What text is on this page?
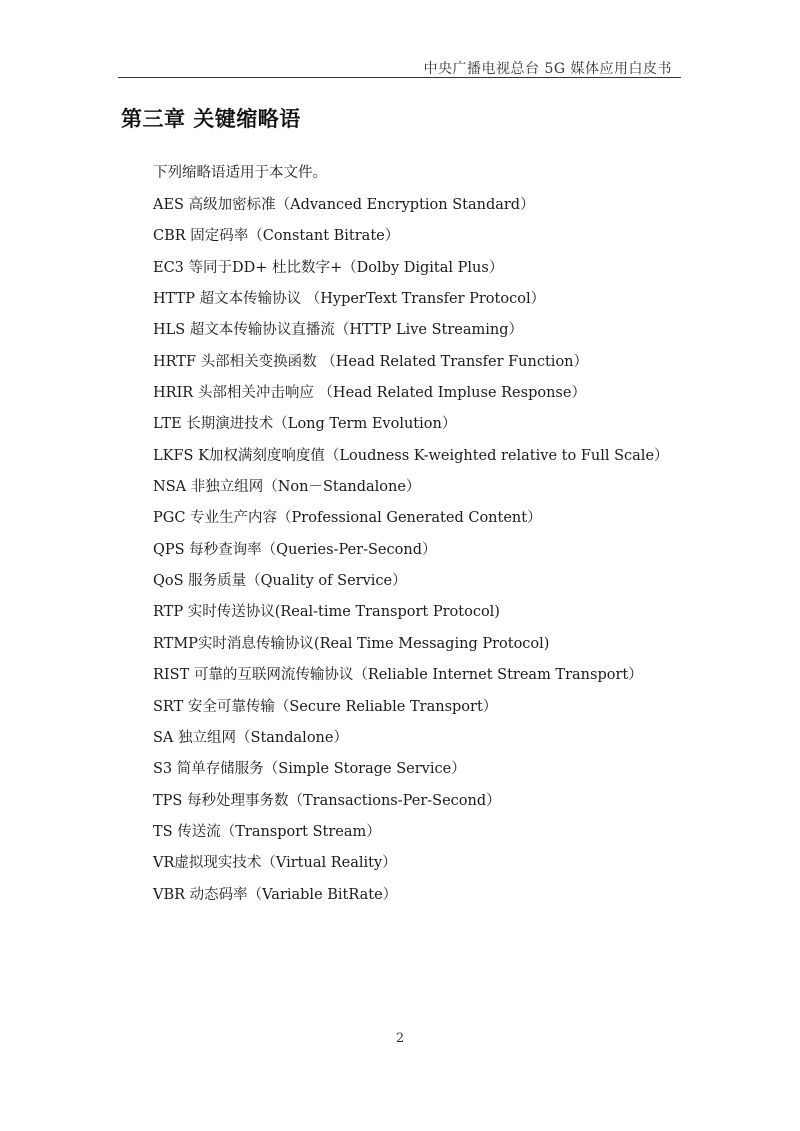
中央广播电视总台 5G 媒体应用白皮书
第三章 关键缩略语

下列缩略语适用于本文件。

AES 高级加密标准（Advanced Encryption Standard）
CBR 固定码率（Constant Bitrate）
EC3 等同于DD+ 杜比数字+（Dolby Digital Plus）
HTTP 超文本传输协议 （HyperText Transfer Protocol）
HLS 超文本传输协议直播流（HTTP Live Streaming）
HRTF 头部相关变换函数 （Head Related Transfer Function）
HRIR 头部相关冲击响应 （Head Related Impluse Response）
LTE 长期演进技术（Long Term Evolution）
LKFS K加权满刻度响度值（Loudness K-weighted relative to Full Scale）
NSA 非独立组网（Non－Standalone）
PGC 专业生产内容（Professional Generated Content）
QPS 每秒查询率（Queries-Per-Second）
QoS 服务质量（Quality of Service）
RTP 实时传送协议(Real-time Transport Protocol)
RTMP实时消息传输协议(Real Time Messaging Protocol)
RIST 可靠的互联网流传输协议（Reliable Internet Stream Transport）
SRT 安全可靠传输（Secure Reliable Transport）
SA 独立组网（Standalone）
S3 简单存储服务（Simple Storage Service）
TPS 每秒处理事务数（Transactions-Per-Second）
TS 传送流（Transport Stream）
VR虚拟现实技术（Virtual Reality）
VBR 动态码率（Variable BitRate）
2
